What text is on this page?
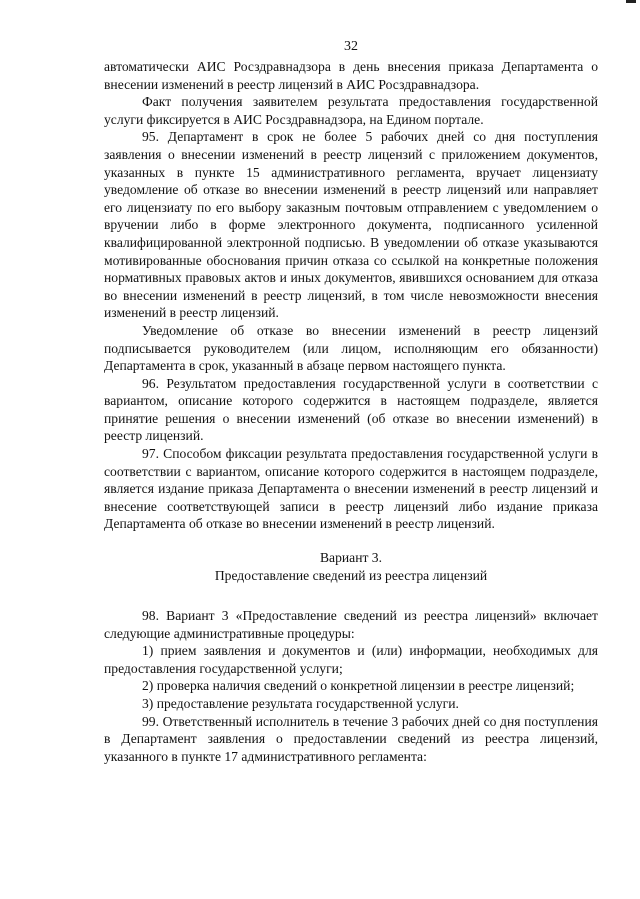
32

автоматически АИС Росздравнадзора в день внесения приказа Департамента о внесении изменений в реестр лицензий в АИС Росздравнадзора.

Факт получения заявителем результата предоставления государственной услуги фиксируется в АИС Росздравнадзора, на Едином портале.

95. Департамент в срок не более 5 рабочих дней со дня поступления заявления о внесении изменений в реестр лицензий с приложением документов, указанных в пункте 15 административного регламента, вручает лицензиату уведомление об отказе во внесении изменений в реестр лицензий или направляет его лицензиату по его выбору заказным почтовым отправлением с уведомлением о вручении либо в форме электронного документа, подписанного усиленной квалифицированной электронной подписью. В уведомлении об отказе указываются мотивированные обоснования причин отказа со ссылкой на конкретные положения нормативных правовых актов и иных документов, явившихся основанием для отказа во внесении изменений в реестр лицензий, в том числе невозможности внесения изменений в реестр лицензий.

Уведомление об отказе во внесении изменений в реестр лицензий подписывается руководителем (или лицом, исполняющим его обязанности) Департамента в срок, указанный в абзаце первом настоящего пункта.

96. Результатом предоставления государственной услуги в соответствии с вариантом, описание которого содержится в настоящем подразделе, является принятие решения о внесении изменений (об отказе во внесении изменений) в реестр лицензий.

97. Способом фиксации результата предоставления государственной услуги в соответствии с вариантом, описание которого содержится в настоящем подразделе, является издание приказа Департамента о внесении изменений в реестр лицензий и внесение соответствующей записи в реестр лицензий либо издание приказа Департамента об отказе во внесении изменений в реестр лицензий.

Вариант 3.
Предоставление сведений из реестра лицензий

98. Вариант 3 «Предоставление сведений из реестра лицензий» включает следующие административные процедуры:

1) прием заявления и документов и (или) информации, необходимых для предоставления государственной услуги;

2) проверка наличия сведений о конкретной лицензии в реестре лицензий;

3) предоставление результата государственной услуги.

99. Ответственный исполнитель в течение 3 рабочих дней со дня поступления в Департамент заявления о предоставлении сведений из реестра лицензий, указанного в пункте 17 административного регламента:
